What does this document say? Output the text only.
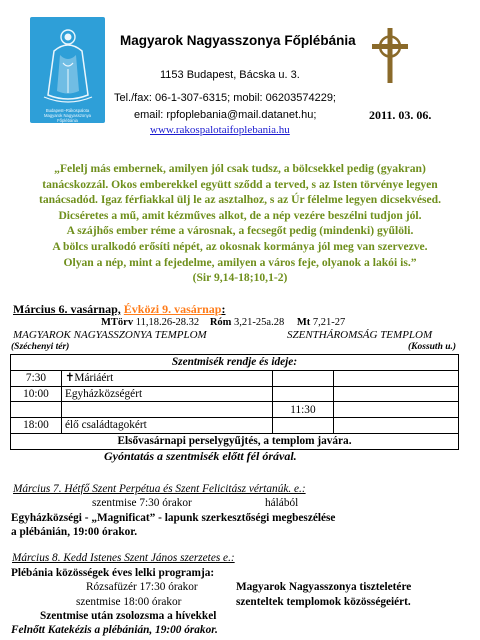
Budapest–Rákospalota
Magyarok Nagyasszonya
Főplébánia
Magyarok Nagyasszonya Főplébánia
1153 Budapest, Bácska u. 3.
Tel./fax: 06-1-307-6315; mobil: 06203574229;
email: rpfoplebania@mail.datanet.hu;
www.rakospalotaifoplebania.hu
2011. 03. 06.
„Felelj más embernek, amilyen jól csak tudsz, a bölcsekkel pedig (gyakran)
tanácskozzál. Okos emberekkel együtt sződd a terved, s az Isten törvénye legyen
tanácsadód. Igaz férfiakkal ülj le az asztalhoz, s az Úr félelme legyen dicsekvésed.
Dicséretes a mű, amit kézműves alkot, de a nép vezére beszélni tudjon jól.
A szájhős ember réme a városnak, a fecsegőt pedig (mindenki) gyűlöli.
A bölcs uralkodó erősíti népét, az okosnak kormánya jól meg van szervezve.
Olyan a nép, mint a fejedelme, amilyen a város feje, olyanok a lakói is.”
(Sir 9,14-18;10,1-2)
Március 6. vasárnap, Évközi 9. vasárnap:
MTörv 11,18.26-28.32 Róm 3,21-25a.28 Mt 7,21-27
MAGYAROK NAGYASSZONYA TEMPLOM
(Széchenyi tér)
SZENTHÁROMSÁG TEMPLOM
(Kossuth u.)
Szentmisék rendje és ideje:			
7:30	✝Máriáért		
10:00	Egyházközségért		
		11:30	
18:00	élő családtagokért		
Elsővasárnapi perselygyűjtés, a templom javára.			
Gyóntatás a szentmisék előtt fél órával.
Március 7. Hétfő Szent Perpétua és Szent Felicitász vértanúk. e.:
szentmise 7:30 órakor	hálából
Egyházközségi - „Magnificat” - lapunk szerkesztőségi megbeszélése
a plébánián, 19:00 órakor.
Március 8. Kedd Istenes Szent János szerzetes e.:
Plébánia közösségek éves lelki programja:
Rózsafüzér 17:30 órakor
szentmise 18:00 órakor
Magyarok Nagyasszonya tiszteletére
szenteltek templomok közösségeiért.
Szentmise után zsolozsma a hívekkel
Felnőtt Katekézis a plébánián, 19:00 órakor.
